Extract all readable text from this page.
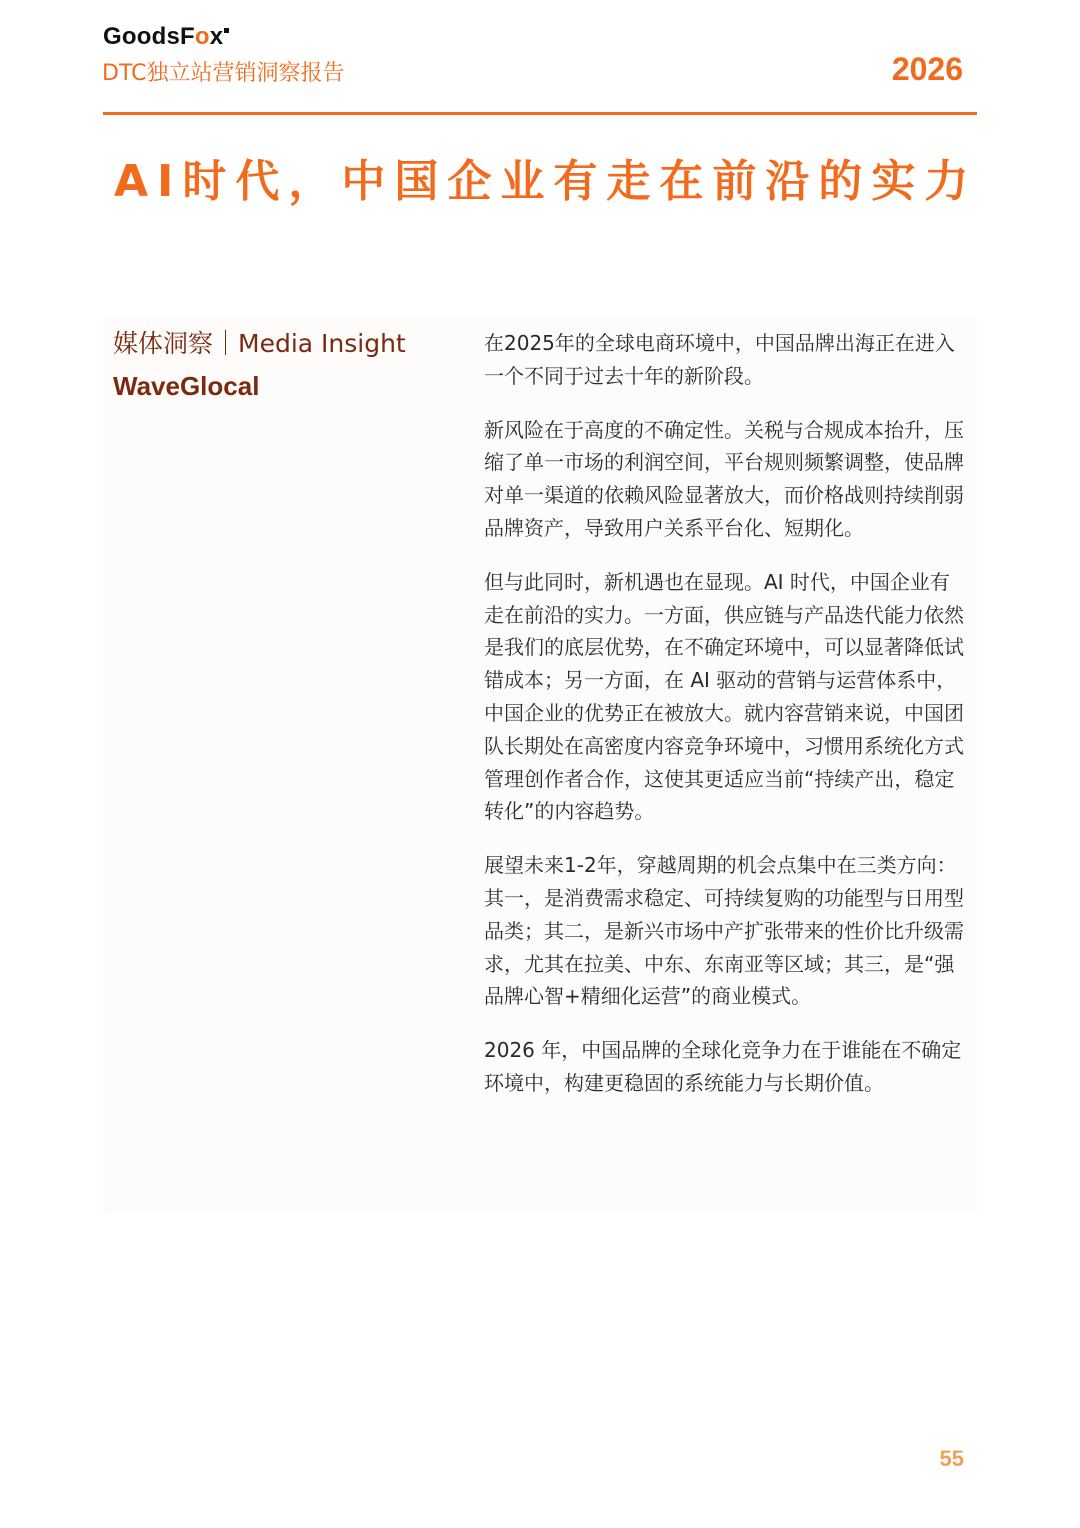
GoodsFox
DTC独立站营销洞察报告	2026
AI时代，中国企业有走在前沿的实力
媒体洞察｜Media Insight
WaveGlocal

在2025年的全球电商环境中，中国品牌出海正在进入一个不同于过去十年的新阶段。

新风险在于高度的不确定性。关税与合规成本抬升，压缩了单一市场的利润空间，平台规则频繁调整，使品牌对单一渠道的依赖风险显著放大，而价格战则持续削弱品牌资产，导致用户关系平台化、短期化。

但与此同时，新机遇也在显现。AI 时代，中国企业有走在前沿的实力。一方面，供应链与产品迭代能力依然是我们的底层优势，在不确定环境中，可以显著降低试错成本；另一方面，在 AI 驱动的营销与运营体系中，中国企业的优势正在被放大。就内容营销来说，中国团队长期处在高密度内容竞争环境中，习惯用系统化方式管理创作者合作，这使其更适应当前“持续产出，稳定转化”的内容趋势。

展望未来1-2年，穿越周期的机会点集中在三类方向：其一，是消费需求稳定、可持续复购的功能型与日用型品类；其二，是新兴市场中产扩张带来的性价比升级需求，尤其在拉美、中东、东南亚等区域；其三，是“强品牌心智+精细化运营”的商业模式。

2026 年，中国品牌的全球化竞争力在于谁能在不确定环境中，构建更稳固的系统能力与长期价值。

55
